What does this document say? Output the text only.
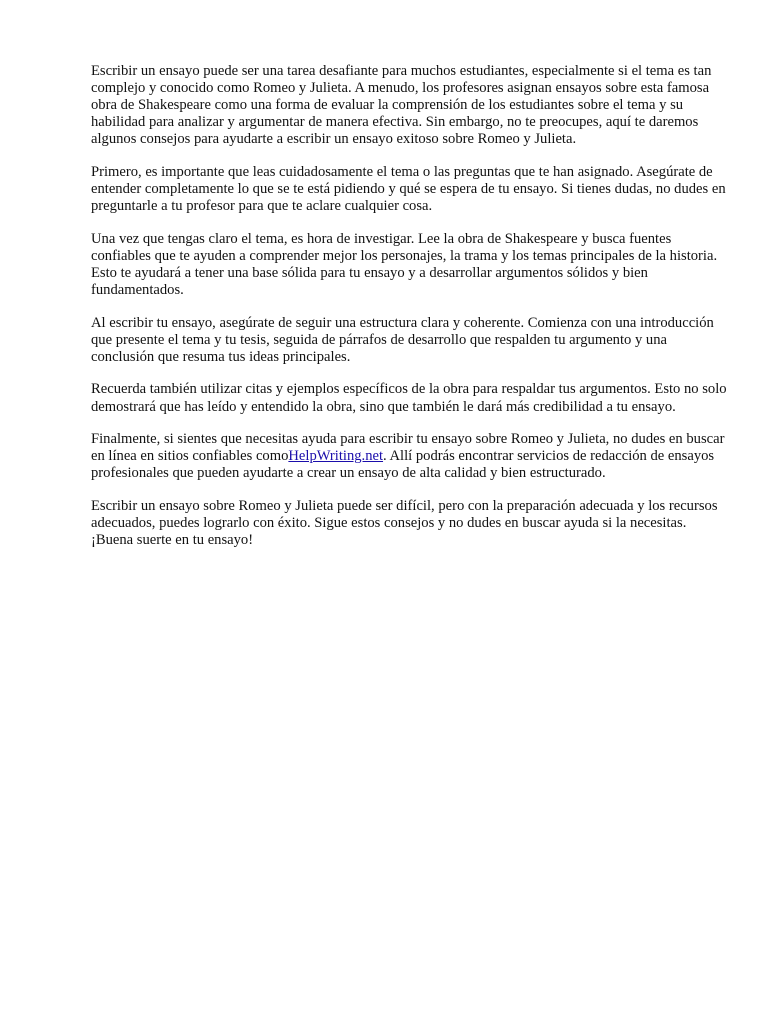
Escribir un ensayo puede ser una tarea desafiante para muchos estudiantes, especialmente si el tema es tan complejo y conocido como Romeo y Julieta. A menudo, los profesores asignan ensayos sobre esta famosa obra de Shakespeare como una forma de evaluar la comprensión de los estudiantes sobre el tema y su habilidad para analizar y argumentar de manera efectiva. Sin embargo, no te preocupes, aquí te daremos algunos consejos para ayudarte a escribir un ensayo exitoso sobre Romeo y Julieta.

Primero, es importante que leas cuidadosamente el tema o las preguntas que te han asignado. Asegúrate de entender completamente lo que se te está pidiendo y qué se espera de tu ensayo. Si tienes dudas, no dudes en preguntarle a tu profesor para que te aclare cualquier cosa.

Una vez que tengas claro el tema, es hora de investigar. Lee la obra de Shakespeare y busca fuentes confiables que te ayuden a comprender mejor los personajes, la trama y los temas principales de la historia. Esto te ayudará a tener una base sólida para tu ensayo y a desarrollar argumentos sólidos y bien fundamentados.

Al escribir tu ensayo, asegúrate de seguir una estructura clara y coherente. Comienza con una introducción que presente el tema y tu tesis, seguida de párrafos de desarrollo que respalden tu argumento y una conclusión que resuma tus ideas principales.

Recuerda también utilizar citas y ejemplos específicos de la obra para respaldar tus argumentos. Esto no solo demostrará que has leído y entendido la obra, sino que también le dará más credibilidad a tu ensayo.

Finalmente, si sientes que necesitas ayuda para escribir tu ensayo sobre Romeo y Julieta, no dudes en buscar en línea en sitios confiables comoHelpWriting.net. Allí podrás encontrar servicios de redacción de ensayos profesionales que pueden ayudarte a crear un ensayo de alta calidad y bien estructurado.

Escribir un ensayo sobre Romeo y Julieta puede ser difícil, pero con la preparación adecuada y los recursos adecuados, puedes lograrlo con éxito. Sigue estos consejos y no dudes en buscar ayuda si la necesitas. ¡Buena suerte en tu ensayo!
